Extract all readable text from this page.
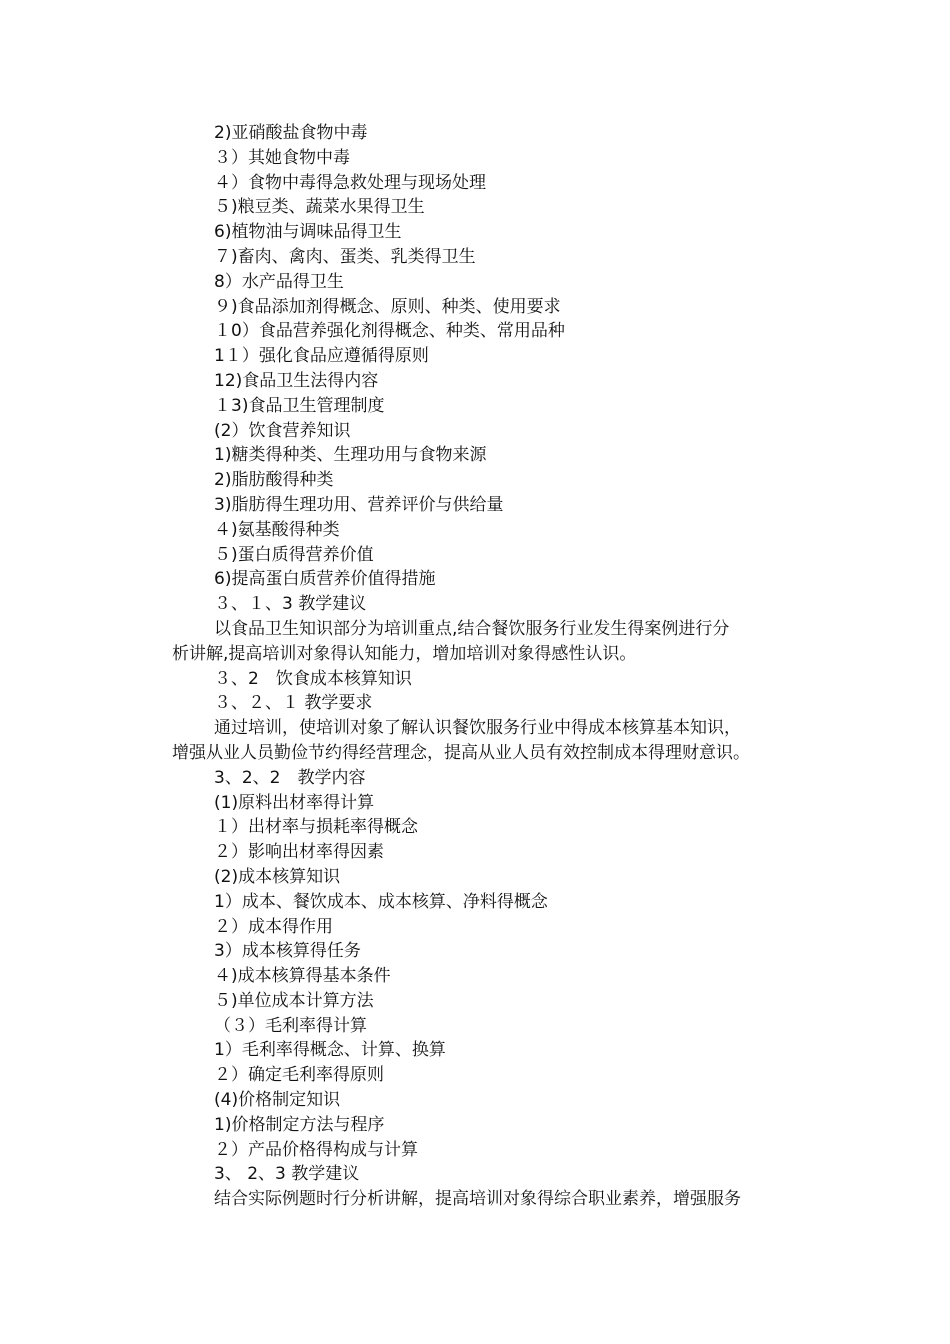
2)亚硝酸盐食物中毒
３）其她食物中毒
４）食物中毒得急救处理与现场处理
５)粮豆类、蔬菜水果得卫生
6)植物油与调味品得卫生
７)畜肉、禽肉、蛋类、乳类得卫生
8）水产品得卫生
９)食品添加剂得概念、原则、种类、使用要求
１0）食品营养强化剂得概念、种类、常用品种
1１）强化食品应遵循得原则
12)食品卫生法得内容
１3)食品卫生管理制度
(2）饮食营养知识
1)糖类得种类、生理功用与食物来源
2)脂肪酸得种类
3)脂肪得生理功用、营养评价与供给量
４)氨基酸得种类
５)蛋白质得营养价值
6)提高蛋白质营养价值得措施
３、１、3 教学建议
以食品卫生知识部分为培训重点,结合餐饮服务行业发生得案例进行分
析讲解,提高培训对象得认知能力，增加培训对象得感性认识。
３、2　饮食成本核算知识
３、２、１ 教学要求
通过培训，使培训对象了解认识餐饮服务行业中得成本核算基本知识，
增强从业人员勤俭节约得经营理念，提高从业人员有效控制成本得理财意识。
3、2、2　教学内容
(1)原料出材率得计算
１）出材率与损耗率得概念
２）影响出材率得因素
(2)成本核算知识
1）成本、餐饮成本、成本核算、净料得概念
２）成本得作用
3）成本核算得任务
４)成本核算得基本条件
５)单位成本计算方法
（３）毛利率得计算
1）毛利率得概念、计算、换算
２）确定毛利率得原则
(4)价格制定知识
1)价格制定方法与程序
２）产品价格得构成与计算
3、 2、3 教学建议
结合实际例题时行分析讲解，提高培训对象得综合职业素养，增强服务
